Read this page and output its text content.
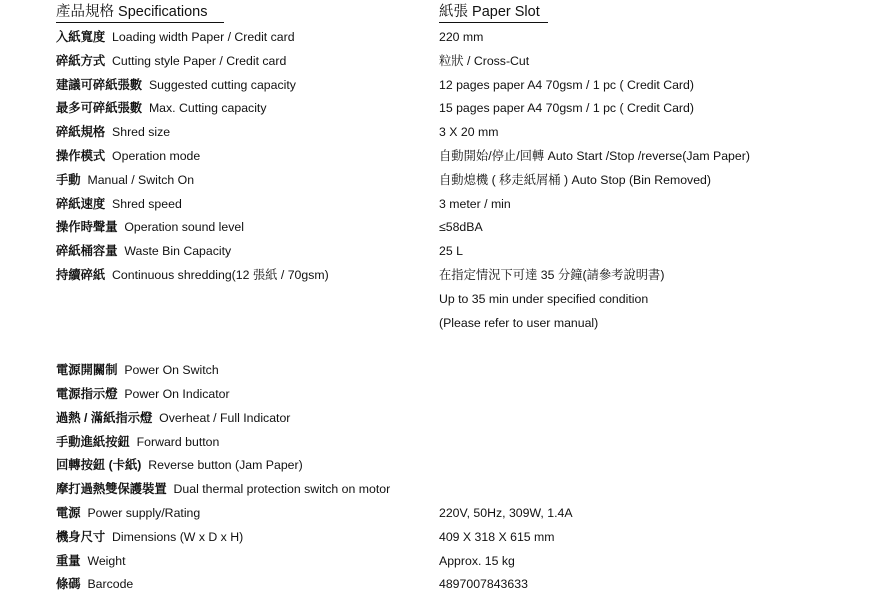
產品規格 Specifications	紙張 Paper Slot
入紙寬度 Loading width Paper / Credit card	220 mm
碎紙方式 Cutting style Paper / Credit card	粒狀 / Cross-Cut
建議可碎紙張數 Suggested cutting capacity	12 pages paper A4 70gsm / 1 pc ( Credit Card)
最多可碎紙張數 Max. Cutting capacity	15 pages paper A4 70gsm / 1 pc ( Credit Card)
碎紙規格 Shred size	3 X 20 mm
操作模式 Operation mode	自動開始/停止/回轉 Auto Start /Stop /reverse(Jam Paper)
手動 Manual / Switch On	自動熄機 ( 移走紙屑桶 ) Auto Stop (Bin Removed)
碎紙速度 Shred speed	3 meter / min
操作時聲量 Operation sound level	≤58dBA
碎紙桶容量 Waste Bin Capacity	25 L
持續碎紙 Continuous shredding(12 張紙 / 70gsm)	在指定情況下可達 35 分鐘(請參考說明書)
Up to 35 min under specified condition
(Please refer to user manual)
電源開關制 Power On Switch
電源指示燈 Power On Indicator
過熱 / 滿紙指示燈 Overheat / Full Indicator
手動進紙按鈕 Forward button
回轉按鈕 (卡紙) Reverse button (Jam Paper)
摩打過熱雙保護裝置 Dual thermal protection switch on motor
電源 Power supply/Rating	220V, 50Hz, 309W, 1.4A
機身尺寸 Dimensions (W x D x H)	409 X 318 X 615 mm
重量 Weight	Approx. 15 kg
條碼 Barcode	4897007843633
